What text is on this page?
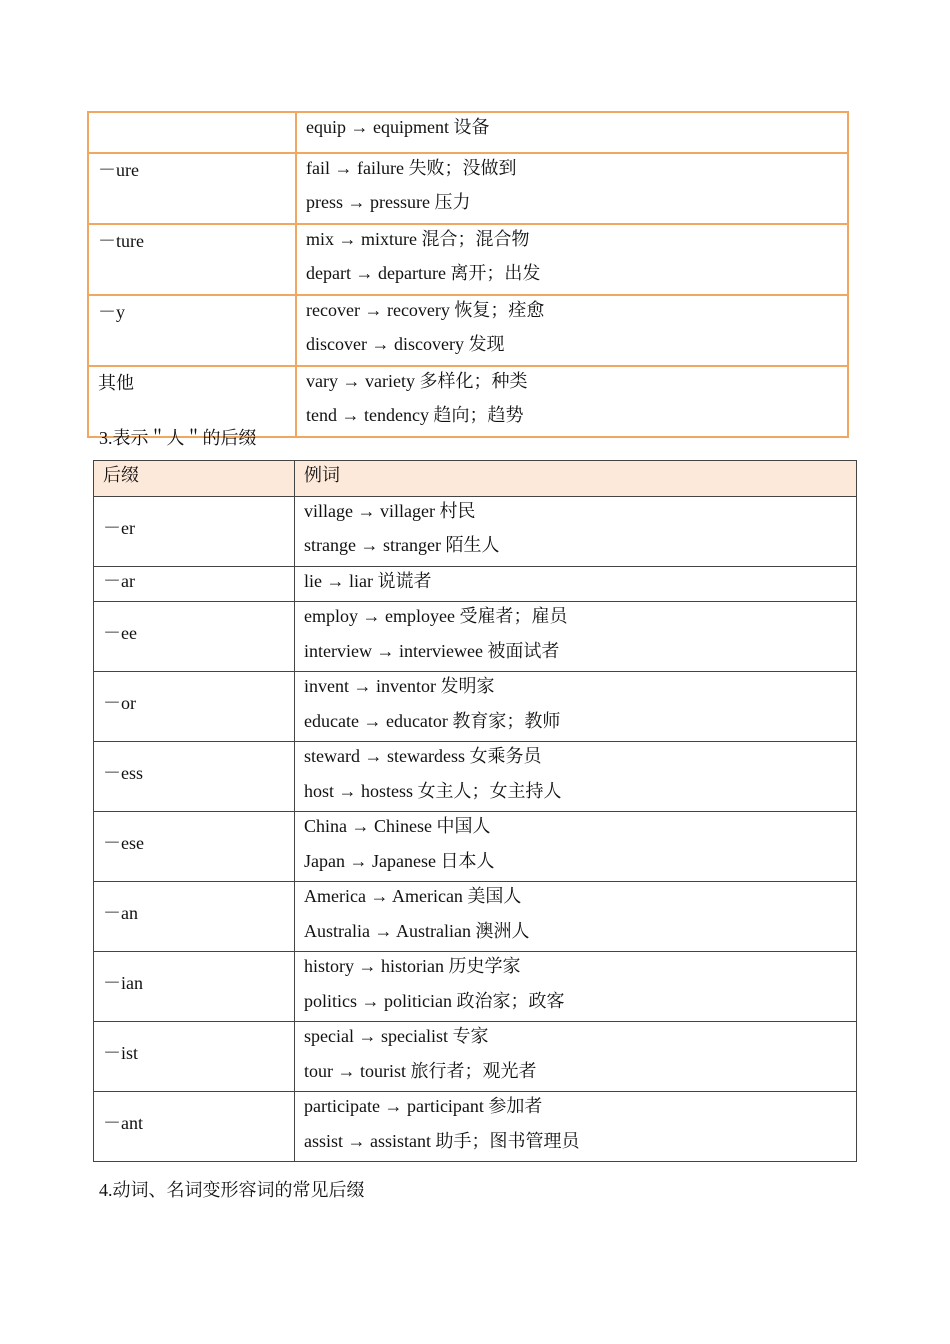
	equip → equipment 设备

－ure	fail → failure 失败；没做到
press → pressure 压力

－ture	mix → mixture 混合；混合物
depart → departure 离开；出发

－y	recover → recovery 恢复；痊愈
discover → discovery 发现

其他	vary → variety 多样化；种类
tend → tendency 趋向；趋势
3.表示＂人＂的后缀
后缀	例词

－er	village → villager 村民
strange → stranger 陌生人

－ar	lie → liar 说谎者

－ee	employ → employee 受雇者；雇员
interview → interviewee 被面试者

－or	invent → inventor 发明家
educate → educator 教育家；教师

－ess	steward → stewardess 女乘务员
host → hostess 女主人；女主持人

－ese	China → Chinese 中国人
Japan → Japanese 日本人

－an	America → American 美国人
Australia → Australian 澳洲人

－ian	history → historian 历史学家
politics → politician 政治家；政客

－ist	special → specialist 专家
tour → tourist 旅行者；观光者

－ant	participate → participant 参加者
assist → assistant 助手；图书管理员
4.动词、名词变形容词的常见后缀
